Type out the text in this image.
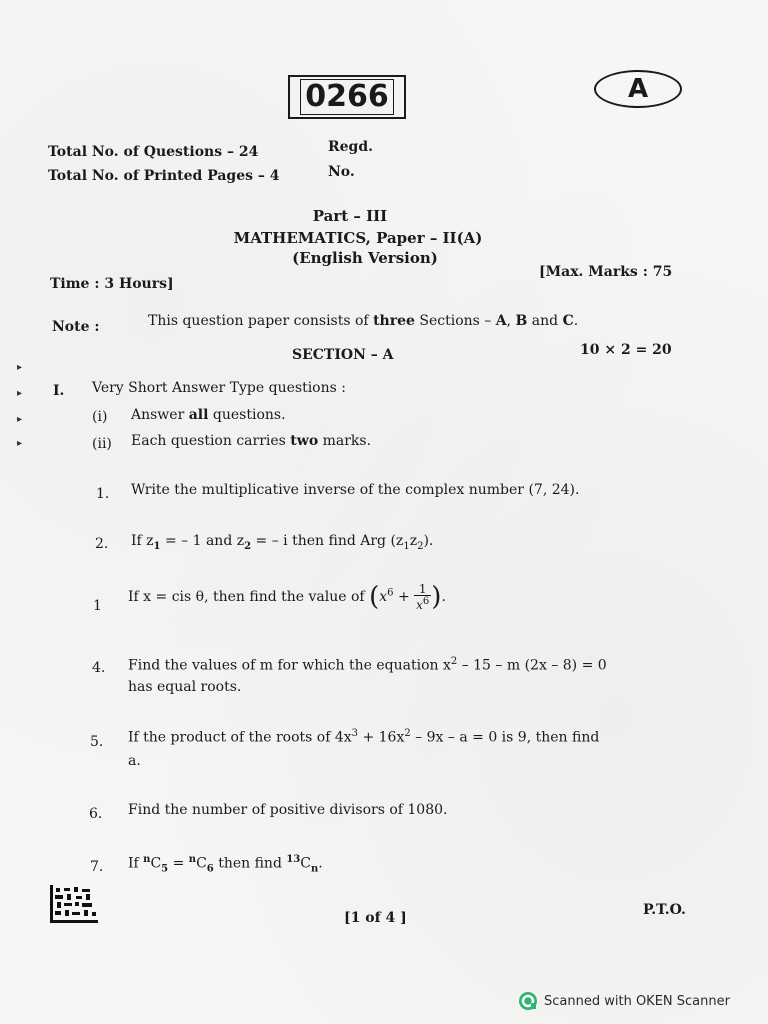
0266	A
Total No. of Questions – 24
Total No. of Printed Pages – 4
Regd.
No.
Part – III
MATHEMATICS, Paper – II(A)
(English Version)
Time : 3 Hours]
[Max. Marks : 75
Note :	This question paper consists of three Sections – A, B and C.
SECTION – A	10 × 2 = 20
I. Very Short Answer Type questions :
(i) Answer all questions.
(ii) Each question carries two marks.
1. Write the multiplicative inverse of the complex number (7, 24).
2. If $z_1$ = – 1 and $z_2$ = – i then find Arg $(z_1z_2)$.
1
If x = cis θ, then find the value of ($x^6 + \frac{1}{x^6}$ ).
4. Find the values of m for which the equation $x^2 - 15$ – m (2x – 8) = 0
has equal roots.
5. If the product of the roots of $4x^3 + 16x^2 - 9x - a = 0$ is 9, then find
a.
6. Find the number of positive divisors of 1080.
7. If $^nC_5 = ^nC_6$ then find $^{13}C_n$.
[1 of 4 ]	P.T.O.
▸
▸
▸
▸
Scanned with OKEN Scanner
